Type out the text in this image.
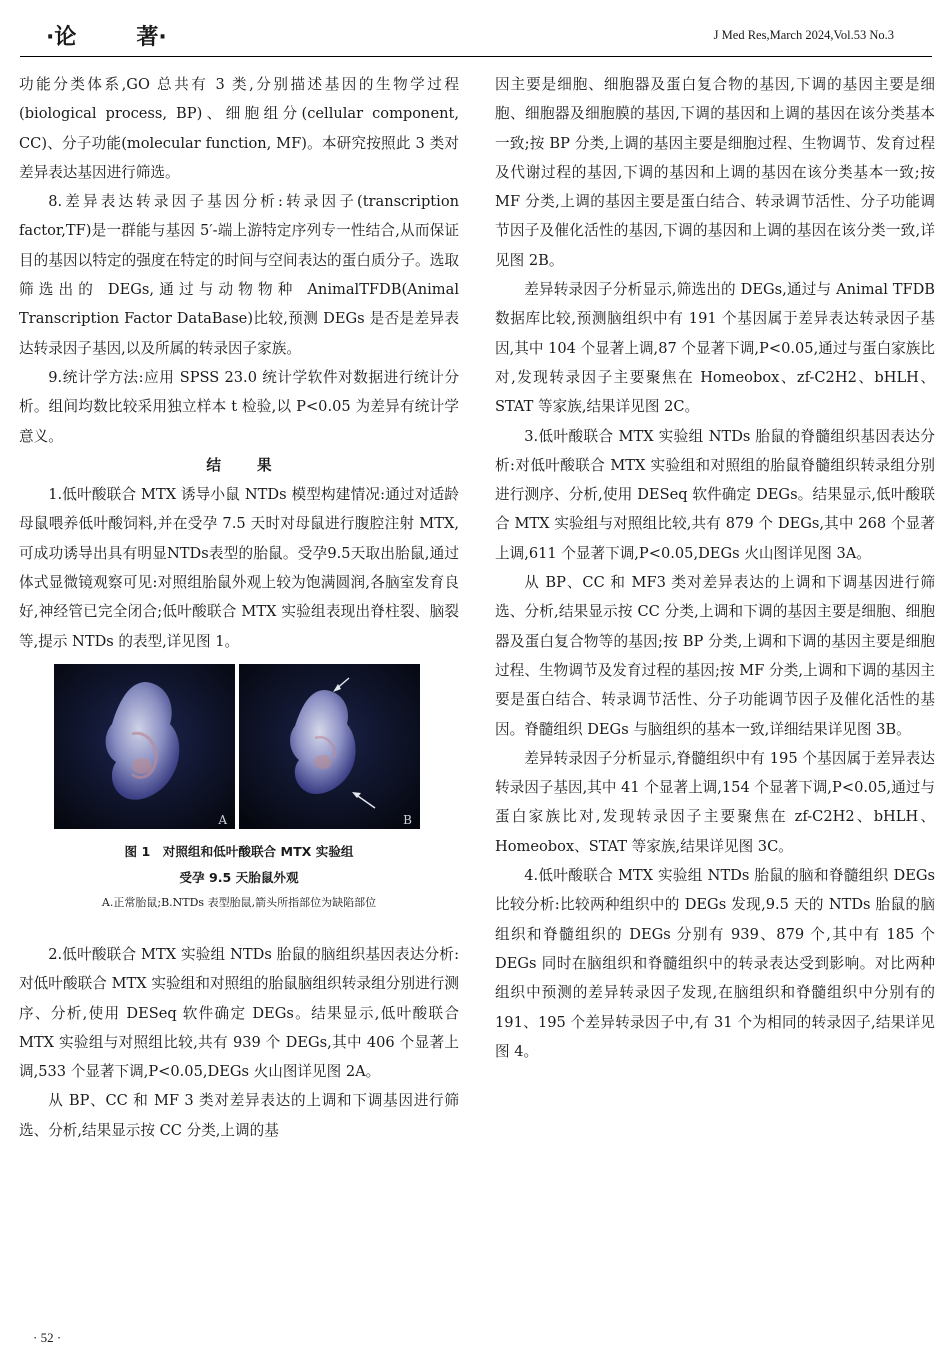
·论	著·	J Med Res,March 2024,Vol.53 No.3

功能分类体系,GO 总共有 3 类,分别描述基因的生物学过程(biological process, BP)、细胞组分(cellular component, CC)、分子功能(molecular function, MF)。本研究按照此 3 类对差异表达基因进行筛选。

8.差异表达转录因子基因分析:转录因子(transcription factor,TF)是一群能与基因 5′-端上游特定序列专一性结合,从而保证目的基因以特定的强度在特定的时间与空间表达的蛋白质分子。选取筛选出的 DEGs,通过与动物物种 AnimalTFDB(Animal Transcription Factor DataBase)比较,预测 DEGs 是否是差异表达转录因子基因,以及所属的转录因子家族。

9.统计学方法:应用 SPSS 23.0 统计学软件对数据进行统计分析。组间均数比较采用独立样本 t 检验,以 P<0.05 为差异有统计学意义。

结 果

1.低叶酸联合 MTX 诱导小鼠 NTDs 模型构建情况:通过对适龄母鼠喂养低叶酸饲料,并在受孕 7.5 天时对母鼠进行腹腔注射 MTX,可成功诱导出具有明显NTDs表型的胎鼠。受孕9.5天取出胎鼠,通过体式显微镜观察可见:对照组胎鼠外观上较为饱满圆润,各脑室发育良好,神经管已完全闭合;低叶酸联合 MTX 实验组表现出脊柱裂、脑裂等,提示 NTDs 的表型,详见图 1。

A	B
图 1　对照组和低叶酸联合 MTX 实验组
受孕 9.5 天胎鼠外观
A.正常胎鼠;B.NTDs 表型胎鼠,箭头所指部位为缺陷部位

2.低叶酸联合 MTX 实验组 NTDs 胎鼠的脑组织基因表达分析:对低叶酸联合 MTX 实验组和对照组的胎鼠脑组织转录组分别进行测序、分析,使用 DESeq 软件确定 DEGs。结果显示,低叶酸联合 MTX 实验组与对照组比较,共有 939 个 DEGs,其中 406 个显著上调,533 个显著下调,P<0.05,DEGs 火山图详见图 2A。

从 BP、CC 和 MF 3 类对差异表达的上调和下调基因进行筛选、分析,结果显示按 CC 分类,上调的基

因主要是细胞、细胞器及蛋白复合物的基因,下调的基因主要是细胞、细胞器及细胞膜的基因,下调的基因和上调的基因在该分类基本一致;按 BP 分类,上调的基因主要是细胞过程、生物调节、发育过程及代谢过程的基因,下调的基因和上调的基因在该分类基本一致;按 MF 分类,上调的基因主要是蛋白结合、转录调节活性、分子功能调节因子及催化活性的基因,下调的基因和上调的基因在该分类一致,详见图 2B。

差异转录因子分析显示,筛选出的 DEGs,通过与 Animal TFDB 数据库比较,预测脑组织中有 191 个基因属于差异表达转录因子基因,其中 104 个显著上调,87 个显著下调,P<0.05,通过与蛋白家族比对,发现转录因子主要聚焦在 Homeobox、zf-C2H2、bHLH、STAT 等家族,结果详见图 2C。

3.低叶酸联合 MTX 实验组 NTDs 胎鼠的脊髓组织基因表达分析:对低叶酸联合 MTX 实验组和对照组的胎鼠脊髓组织转录组分别进行测序、分析,使用 DESeq 软件确定 DEGs。结果显示,低叶酸联合 MTX 实验组与对照组比较,共有 879 个 DEGs,其中 268 个显著上调,611 个显著下调,P<0.05,DEGs 火山图详见图 3A。

从 BP、CC 和 MF3 类对差异表达的上调和下调基因进行筛选、分析,结果显示按 CC 分类,上调和下调的基因主要是细胞、细胞器及蛋白复合物等的基因;按 BP 分类,上调和下调的基因主要是细胞过程、生物调节及发育过程的基因;按 MF 分类,上调和下调的基因主要是蛋白结合、转录调节活性、分子功能调节因子及催化活性的基因。脊髓组织 DEGs 与脑组织的基本一致,详细结果详见图 3B。

差异转录因子分析显示,脊髓组织中有 195 个基因属于差异表达转录因子基因,其中 41 个显著上调,154 个显著下调,P<0.05,通过与蛋白家族比对,发现转录因子主要聚焦在 zf-C2H2、bHLH、Homeobox、STAT 等家族,结果详见图 3C。

4.低叶酸联合 MTX 实验组 NTDs 胎鼠的脑和脊髓组织 DEGs 比较分析:比较两种组织中的 DEGs 发现,9.5 天的 NTDs 胎鼠的脑组织和脊髓组织的 DEGs 分别有 939、879 个,其中有 185 个 DEGs 同时在脑组织和脊髓组织中的转录表达受到影响。对比两种组织中预测的差异转录因子发现,在脑组织和脊髓组织中分别有的 191、195 个差异转录因子中,有 31 个为相同的转录因子,结果详见图 4。

· 52 ·
